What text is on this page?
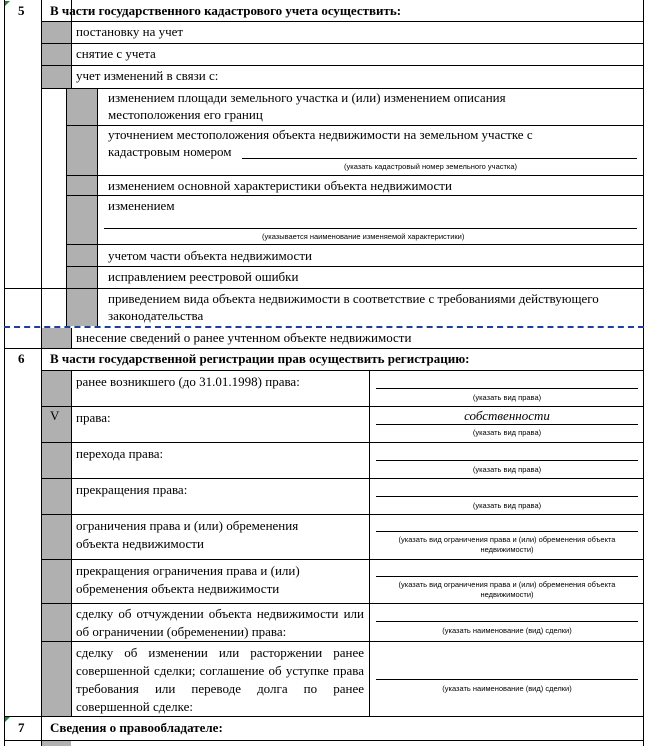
5 В части государственного кадастрового учета осуществить:
постановку на учет
снятие с учета
учет изменений в связи с:
изменением площади земельного участка и (или) изменением описания
местоположения его границ
уточнением местоположения объекта недвижимости на земельном участке с
кадастровым номером
(указать кадастровый номер земельного участка)
изменением основной характеристики объекта недвижимости
изменением
(указывается наименование изменяемой характеристики)
учетом части объекта недвижимости
исправлением реестровой ошибки
приведением вида объекта недвижимости в соответствие с требованиями действующего
законодательства
внесение сведений о ранее учтенном объекте недвижимости
6 В части государственной регистрации прав осуществить регистрацию:
ранее возникшего (до 31.01.1998) права:
(указать вид права)
V права:	собственности
(указать вид права)
перехода права:
(указать вид права)
прекращения права:
(указать вид права)
ограничения права и (или) обременения объекта недвижимости	(указать вид ограничения права и (или) обременения объекта недвижимости)
прекращения ограничения права и (или) обременения объекта недвижимости	(указать вид ограничения права и (или) обременения объекта недвижимости)
сделку об отчуждении объекта недвижимости или об ограничении (обременении) права:	(указать наименование (вид) сделки)
сделку об изменении или расторжении ранее совершенной сделки; соглашение об уступке права требования или переводе долга по ранее совершенной сделке:
(указать наименование (вид) сделки)
7 Сведения о правообладателе:
